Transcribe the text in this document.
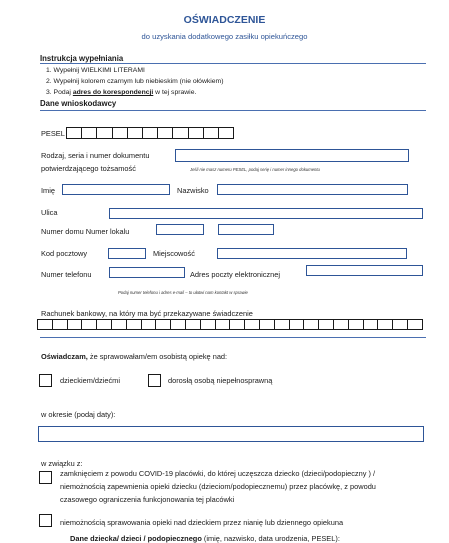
OŚWIADCZENIE
do uzyskania dodatkowego zasiłku opiekuńczego
Instrukcja wypełniania
1. Wypełnij WIELKIMI LITERAMI
2. Wypełnij kolorem czarnym lub niebieskim (nie ołówkiem)
3. Podaj adres do korespondencji w tej sprawie.
Dane wnioskodawcy
PESEL
Rodzaj, seria i numer dokumentu
potwierdzającego tożsamość	Jeśli nie masz numeru PESEL, podaj serię i numer innego dokumentu
Imię	Nazwisko
Ulica
Numer domu Numer lokalu
Kod pocztowy	Miejscowość
Numer telefonu	Adres poczty elektronicznej
Podaj numer telefonu i adres e-mail – to ułatwi nam kontakt w sprawie
Rachunek bankowy, na który ma być przekazywane świadczenie
Oświadczam, że sprawowałam/em osobistą opiekę nad:
dzieckiem/dziećmi	dorosłą osobą niepełnosprawną
w okresie (podaj daty):
w związku z:
zamknięciem z powodu COVID-19 placówki, do której uczęszcza dziecko (dzieci/podopieczny ) /
niemożnością zapewnienia opieki dziecku (dzieciom/podopiecznemu) przez placówkę, z powodu
czasowego ograniczenia funkcjonowania tej placówki
niemożnością sprawowania opieki nad dzieckiem przez nianię lub dziennego opiekuna
Dane dziecka/ dzieci / podopiecznego (imię, nazwisko, data urodzenia, PESEL):
